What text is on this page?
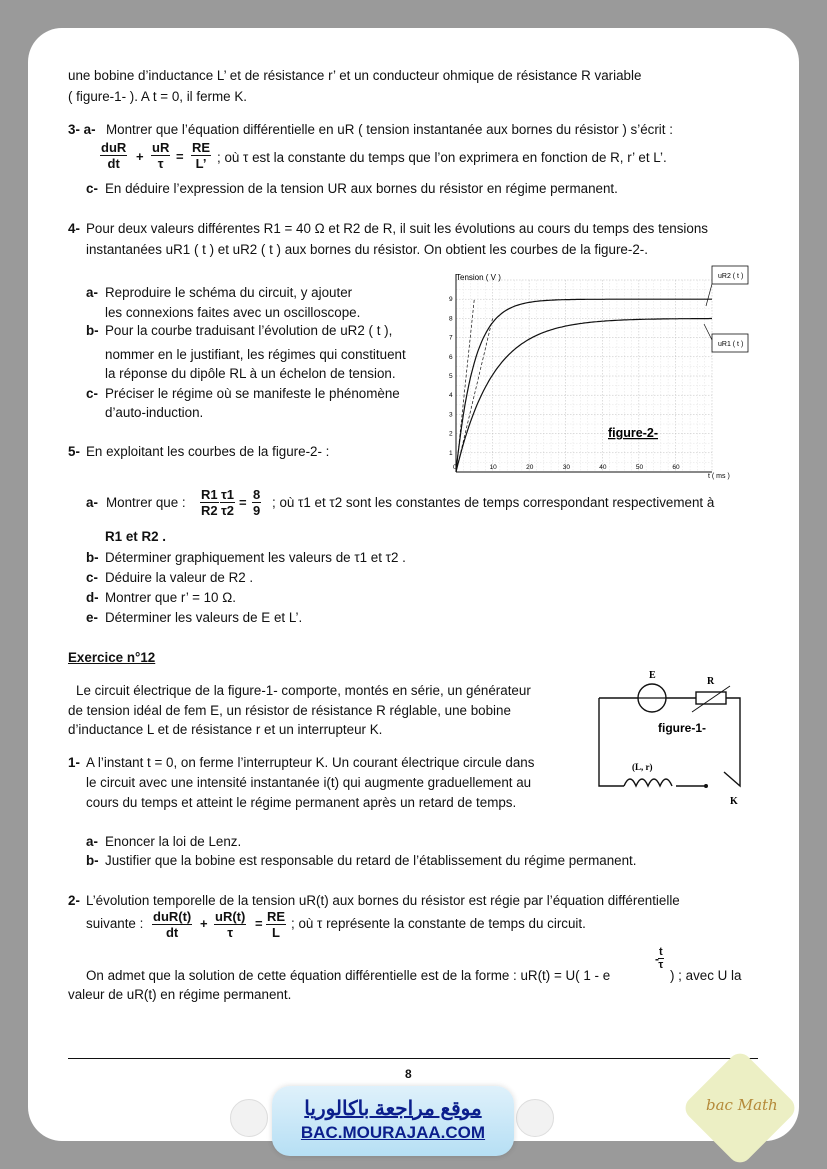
une bobine d’inductance L’ et de résistance r’ et un conducteur ohmique de résistance R variable
( figure-1- ). A t = 0, il ferme K.
3- a- Montrer que l’équation différentielle en uR ( tension instantanée aux bornes du résistor ) s’écrit :
duR
dt	+ $\frac{uR}{\tau} = \frac{RE}{L’}$ ; où τ est la constante du temps que l’on exprimera en fonction de R, r’ et L’.
c- En déduire l’expression de la tension UR aux bornes du résistor en régime permanent.
4- Pour deux valeurs différentes R1 = 40 Ω et R2 de R, il suit les évolutions au cours du temps des tensions
instantanées uR1 ( t ) et uR2 ( t ) aux bornes du résistor. On obtient les courbes de la figure-2-.
a- Reproduire le schéma du circuit, y ajouter
les connexions faites avec un oscilloscope.
b- Pour la courbe traduisant l’évolution de uR2 ( t ),
nommer en le justifiant, les régimes qui constituent
la réponse du dipôle RL à un échelon de tension.
c- Préciser le régime où se manifeste le phénomène
d’auto-induction.
0	10	20	30	40	50	60
1
2
3
4
5
6
7
8
9
Tension ( V )
t ( ms )
uR2 ( t )
uR1 ( t )
figure-2-
5- En exploitant les courbes de la figure-2- :
a- Montrer que : $\frac{R1}{R2} \frac{\tau 1}{\tau 2} = \frac{8}{9}$ ; où τ1 et τ2 sont les constantes de temps correspondant respectivement à
R1 et R2 .
b- Déterminer graphiquement les valeurs de τ1 et τ2 .
c- Déduire la valeur de R2 .
d- Montrer que r’ = 10 Ω.
e- Déterminer les valeurs de E et L’.
Exercice n°12
Le circuit électrique de la figure-1- comporte, montés en série, un générateur
de tension idéal de fem E, un résistor de résistance R réglable, une bobine
d’inductance L et de résistance r et un interrupteur K.
1- A l’instant t = 0, on ferme l’interrupteur K. Un courant électrique circule dans
le circuit avec une intensité instantanée i(t) qui augmente graduellement au
cours du temps et atteint le régime permanent après un retard de temps.
a- Enoncer la loi de Lenz.
b- Justifier que la bobine est responsable du retard de l’établissement du régime permanent.
E
R
figure-1-
(L, r)
K
2- L’évolution temporelle de la tension uR(t) aux bornes du résistor est régie par l’équation différentielle
suivante : duR(t)
dt
+ $\frac{uR(t)}{\tau} = \frac{RE}{L}$ ; où τ représente la constante de temps du circuit.
On admet que la solution de cette équation différentielle est de la forme : uR(t) = U( 1 - e
- $\frac{t}{\tau}$
) ; avec U la
valeur de uR(t) en régime permanent.
8
موقع مراجعة باكالوريا
BAC.MOURAJAA.COM
bac Math
